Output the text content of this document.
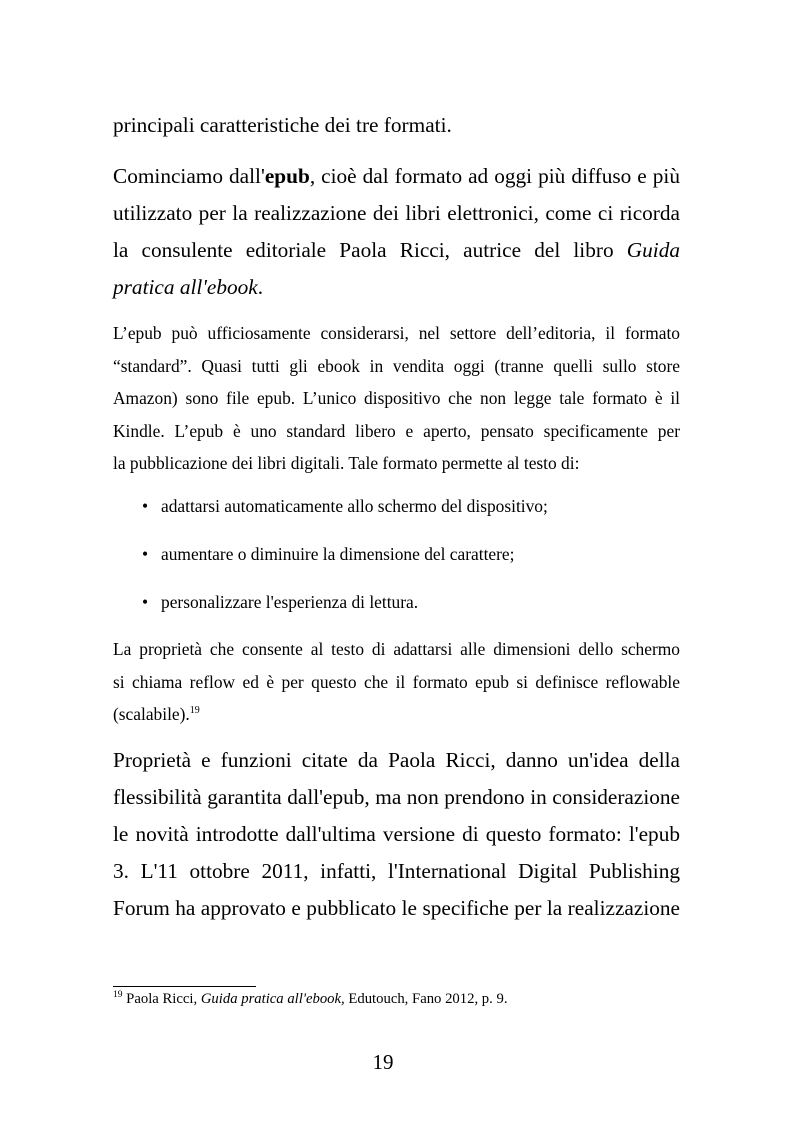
principali caratteristiche dei tre formati.

Cominciamo dall'epub, cioè dal formato ad oggi più diffuso e più
utilizzato per la realizzazione dei libri elettronici, come ci ricorda
la consulente editoriale Paola Ricci, autrice del libro Guida
pratica all'ebook.

L’epub può ufficiosamente considerarsi, nel settore dell’editoria, il formato
“standard”. Quasi tutti gli ebook in vendita oggi (tranne quelli sullo store
Amazon) sono file epub. L’unico dispositivo che non legge tale formato è il
Kindle. L’epub è uno standard libero e aperto, pensato specificamente per
la pubblicazione dei libri digitali. Tale formato permette al testo di:

• adattarsi automaticamente allo schermo del dispositivo;
• aumentare o diminuire la dimensione del carattere;
• personalizzare l'esperienza di lettura.

La proprietà che consente al testo di adattarsi alle dimensioni dello schermo
si chiama reflow ed è per questo che il formato epub si definisce reflowable
(scalabile).$^{19}$

Proprietà e funzioni citate da Paola Ricci, danno un'idea della
flessibilità garantita dall'epub, ma non prendono in considerazione
le novità introdotte dall'ultima versione di questo formato: l'epub
3. L'11 ottobre 2011, infatti, l'International Digital Publishing
Forum ha approvato e pubblicato le specifiche per la realizzazione

$^{19}$ Paola Ricci, Guida pratica all'ebook, Edutouch, Fano 2012, p. 9.

19
